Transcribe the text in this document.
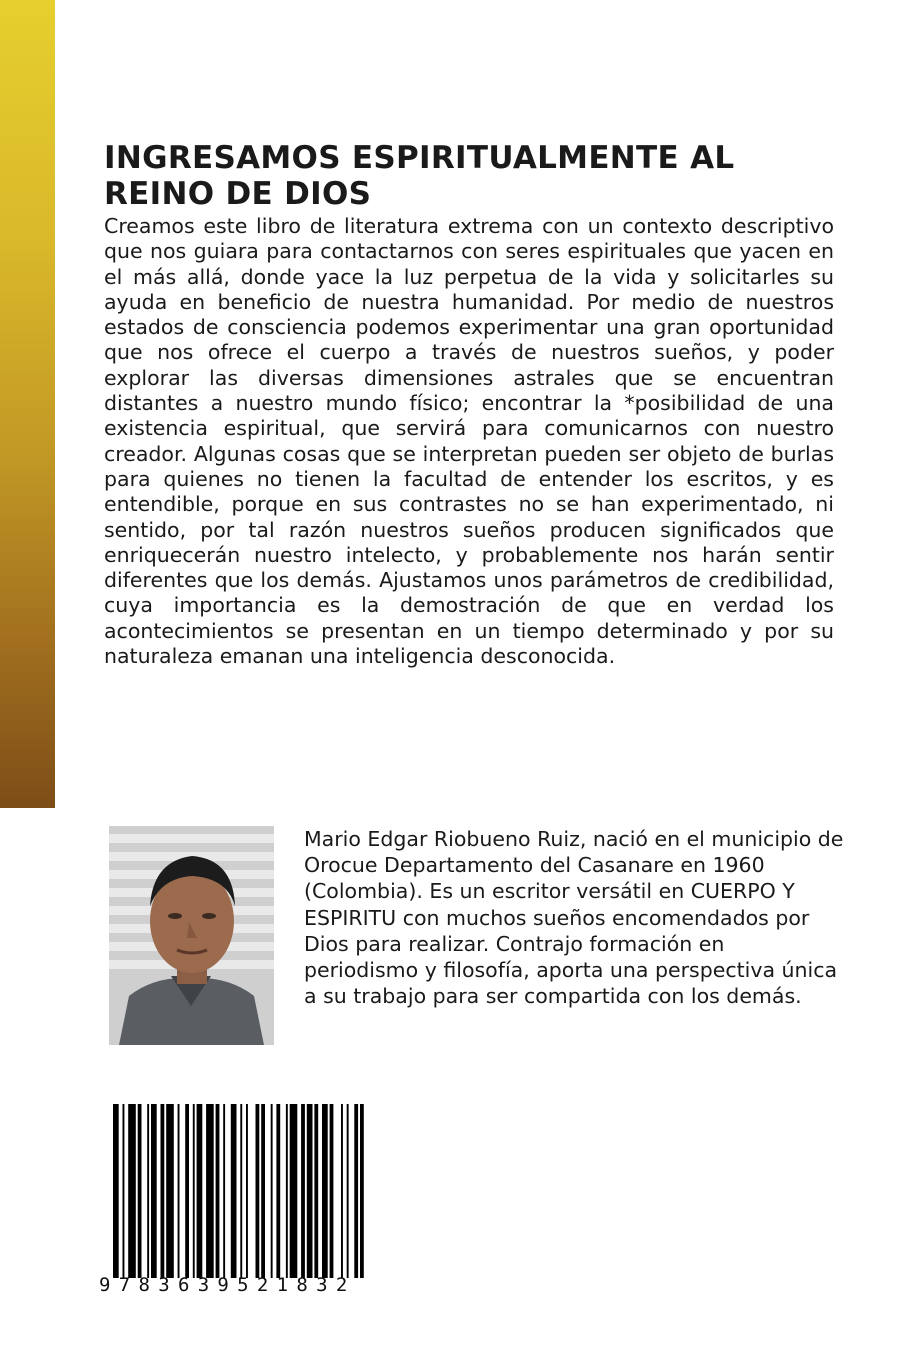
INGRESAMOS ESPIRITUALMENTE AL REINO DE DIOS

Creamos este libro de literatura extrema con un contexto descriptivo que nos guiara para contactarnos con seres espirituales que yacen en el más allá, donde yace la luz perpetua de la vida y solicitarles su ayuda en beneficio de nuestra humanidad. Por medio de nuestros estados de consciencia podemos experimentar una gran oportunidad que nos ofrece el cuerpo a través de nuestros sueños, y poder explorar las diversas dimensiones astrales que se encuentran distantes a nuestro mundo físico; encontrar la *posibilidad de una existencia espiritual, que servirá para comunicarnos con nuestro creador. Algunas cosas que se interpretan pueden ser objeto de burlas para quienes no tienen la facultad de entender los escritos, y es entendible, porque en sus contrastes no se han experimentado, ni sentido, por tal razón nuestros sueños producen significados que enriquecerán nuestro intelecto, y probablemente nos harán sentir diferentes que los demás. Ajustamos unos parámetros de credibilidad, cuya importancia es la demostración de que en verdad los acontecimientos se presentan en un tiempo determinado y por su naturaleza emanan una inteligencia desconocida.

Mario Edgar Riobueno Ruiz, nació en el municipio de Orocue Departamento del Casanare en 1960 (Colombia). Es un escritor versátil en CUERPO Y ESPIRITU con muchos sueños encomendados por Dios para realizar. Contrajo formación en periodismo y filosofía, aporta una perspectiva única a su trabajo para ser compartida con los demás.

9783639521832
